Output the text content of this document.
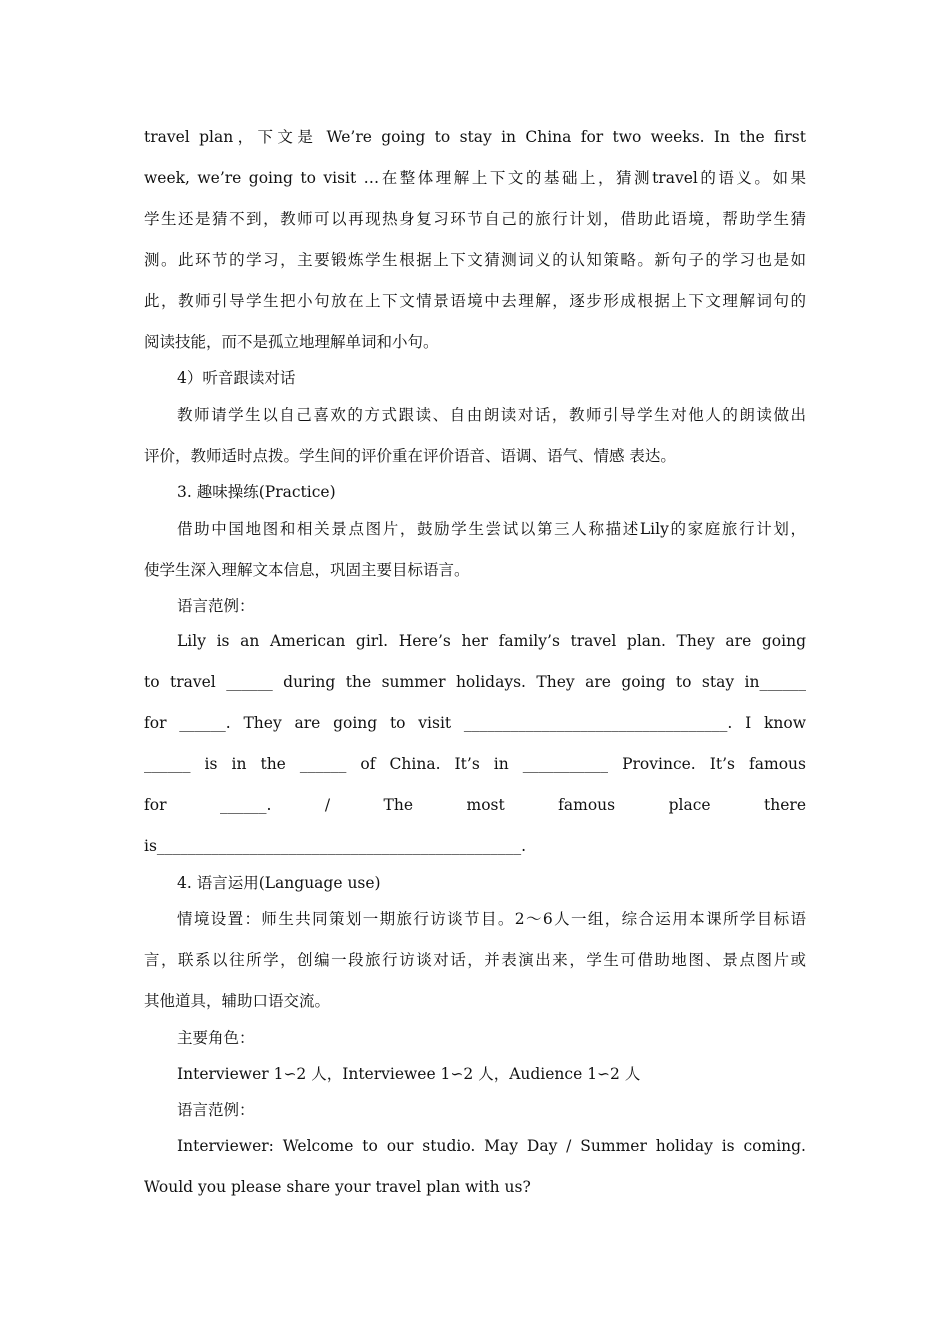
travel plan，下文是 We’re going to stay in China for two weeks. In the first
week, we’re going to visit …在整体理解上下文的基础上，猜测travel的语义。如果
学生还是猜不到，教师可以再现热身复习环节自己的旅行计划，借助此语境，帮助学生猜
测。此环节的学习，主要锻炼学生根据上下文猜测词义的认知策略。新句子的学习也是如
此，教师引导学生把小句放在上下文情景语境中去理解，逐步形成根据上下文理解词句的
阅读技能，而不是孤立地理解单词和小句。
4）听音跟读对话
教师请学生以自己喜欢的方式跟读、自由朗读对话，教师引导学生对他人的朗读做出
评价，教师适时点拨。学生间的评价重在评价语音、语调、语气、情感 表达。
3. 趣味操练(Practice)
借助中国地图和相关景点图片，鼓励学生尝试以第三人称描述Lily的家庭旅行计划，
使学生深入理解文本信息，巩固主要目标语言。
语言范例：
Lily is an American girl. Here’s her family’s travel plan. They are going
to travel ______ during the summer holidays. They are going to stay in______
for ______. They are going to visit __________________________________. I know
______ is in the ______ of China. It’s in ___________ Province. It’s famous
for ______. / The most famous place there
is_______________________________________________.
4. 语言运用(Language use)
情境设置：师生共同策划一期旅行访谈节目。2～6人一组，综合运用本课所学目标语
言，联系以往所学，创编一段旅行访谈对话，并表演出来，学生可借助地图、景点图片或
其他道具，辅助口语交流。
主要角色：
Interviewer 1∽2 人，Interviewee 1∽2 人，Audience 1∽2 人
语言范例：
Interviewer: Welcome to our studio. May Day / Summer holiday is coming.
Would you please share your travel plan with us?
